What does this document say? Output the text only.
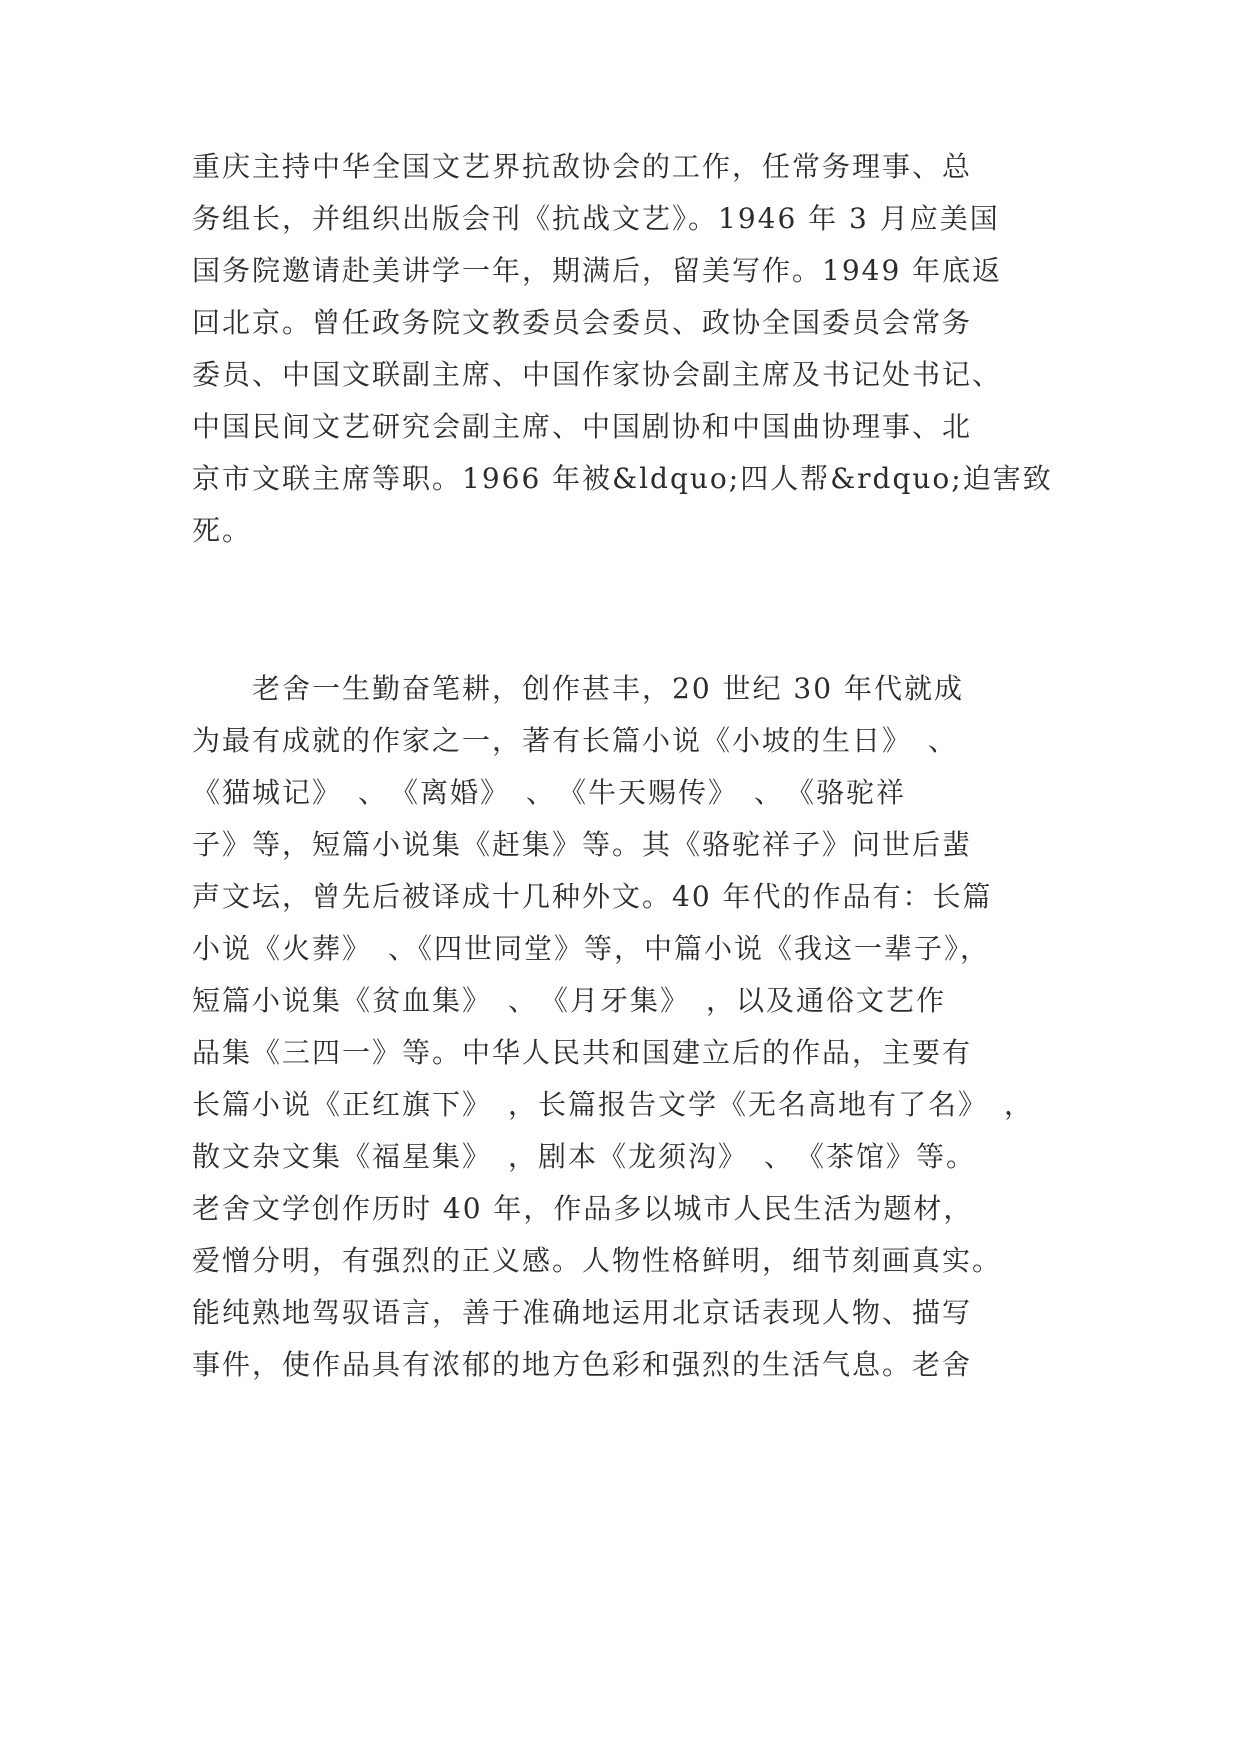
重庆主持中华全国文艺界抗敌协会的工作，任常务理事、总
务组长，并组织出版会刊《抗战文艺》。1946 年 3 月应美国
国务院邀请赴美讲学一年，期满后，留美写作。1949 年底返
回北京。曾任政务院文教委员会委员、政协全国委员会常务
委员、中国文联副主席、中国作家协会副主席及书记处书记、
中国民间文艺研究会副主席、中国剧协和中国曲协理事、北
京市文联主席等职。1966 年被&ldquo;四人帮&rdquo;迫害致
死。
　　老舍一生勤奋笔耕，创作甚丰，20 世纪 30 年代就成
为最有成就的作家之一，著有长篇小说《小坡的生日》　、
《猫城记》　、　《离婚》　、　《牛天赐传》　、　《骆驼祥
子》等，短篇小说集《赶集》等。其《骆驼祥子》问世后蜚
声文坛，曾先后被译成十几种外文。40 年代的作品有：长篇
小说《火葬》　、《四世同堂》等，中篇小说《我这一辈子》，
短篇小说集《贫血集》　、　《月牙集》　，以及通俗文艺作
品集《三四一》等。中华人民共和国建立后的作品，主要有
长篇小说《正红旗下》　，长篇报告文学《无名高地有了名》　，
散文杂文集《福星集》　，剧本《龙须沟》　、　《茶馆》等。
老舍文学创作历时 40 年，作品多以城市人民生活为题材，
爱憎分明，有强烈的正义感。人物性格鲜明，细节刻画真实。
能纯熟地驾驭语言，善于准确地运用北京话表现人物、描写
事件，使作品具有浓郁的地方色彩和强烈的生活气息。老舍
